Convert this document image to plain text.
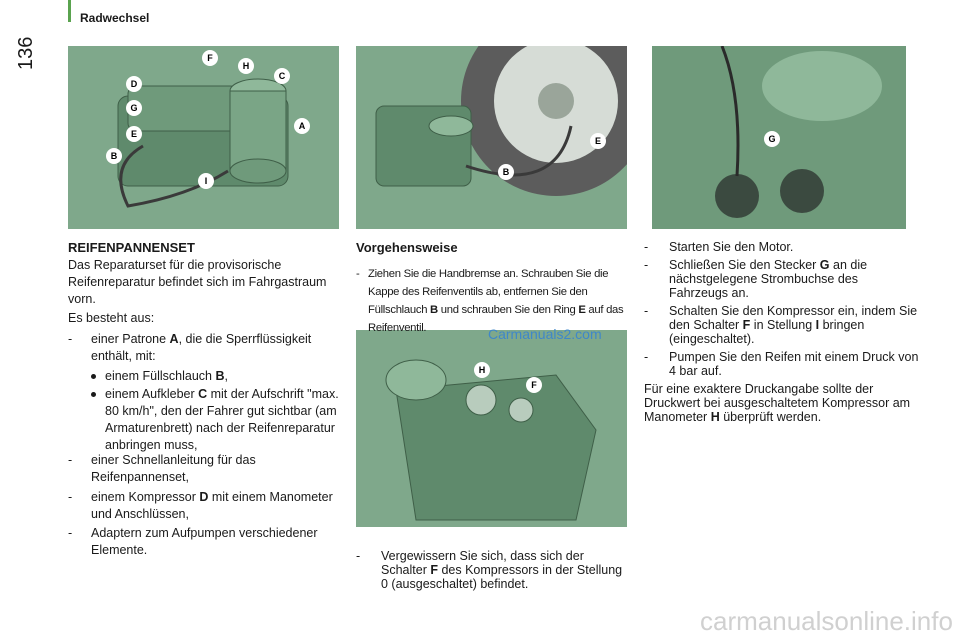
Radwechsel
136	F
H
C
D
G
A
E
B
I
E
B
G
H
F
REIFENPANNENSET
Das Reparaturset für die provisorische Reifenreparatur befindet sich im Fahrgastraum vorn.
Es besteht aus:
- einer Patrone A, die die Sperrflüssigkeit enthält, mit:
einem Füllschlauch B,
einem Aufkleber C mit der Aufschrift "max. 80 km/h", den der Fahrer gut sichtbar (am Armaturenbrett) nach der Reifenreparatur anbringen muss,
- einer Schnellanleitung für das Reifenpannenset,
- einem Kompressor D mit einem Manometer und Anschlüssen,
- Adaptern zum Aufpumpen verschiedener Elemente.
Vorgehensweise
- Ziehen Sie die Handbremse an. Schrauben Sie die Kappe des Reifenventils ab, entfernen Sie den Füllschlauch B und schrauben Sie den Ring E auf das Reifenventil.	Carmanuals2.com
- Vergewissern Sie sich, dass sich der Schalter F des Kompressors in der Stellung 0 (ausgeschaltet) befindet.
- Starten Sie den Motor.
- Schließen Sie den Stecker G an die nächstgelegene Strombuchse des Fahrzeugs an.
- Schalten Sie den Kompressor ein, indem Sie den Schalter F in Stellung I bringen (eingeschaltet).
- Pumpen Sie den Reifen mit einem Druck von 4 bar auf.
Für eine exaktere Druckangabe sollte der Druckwert bei ausgeschaltetem Kompressor am Manometer H überprüft werden.
carmanualsonline.info
